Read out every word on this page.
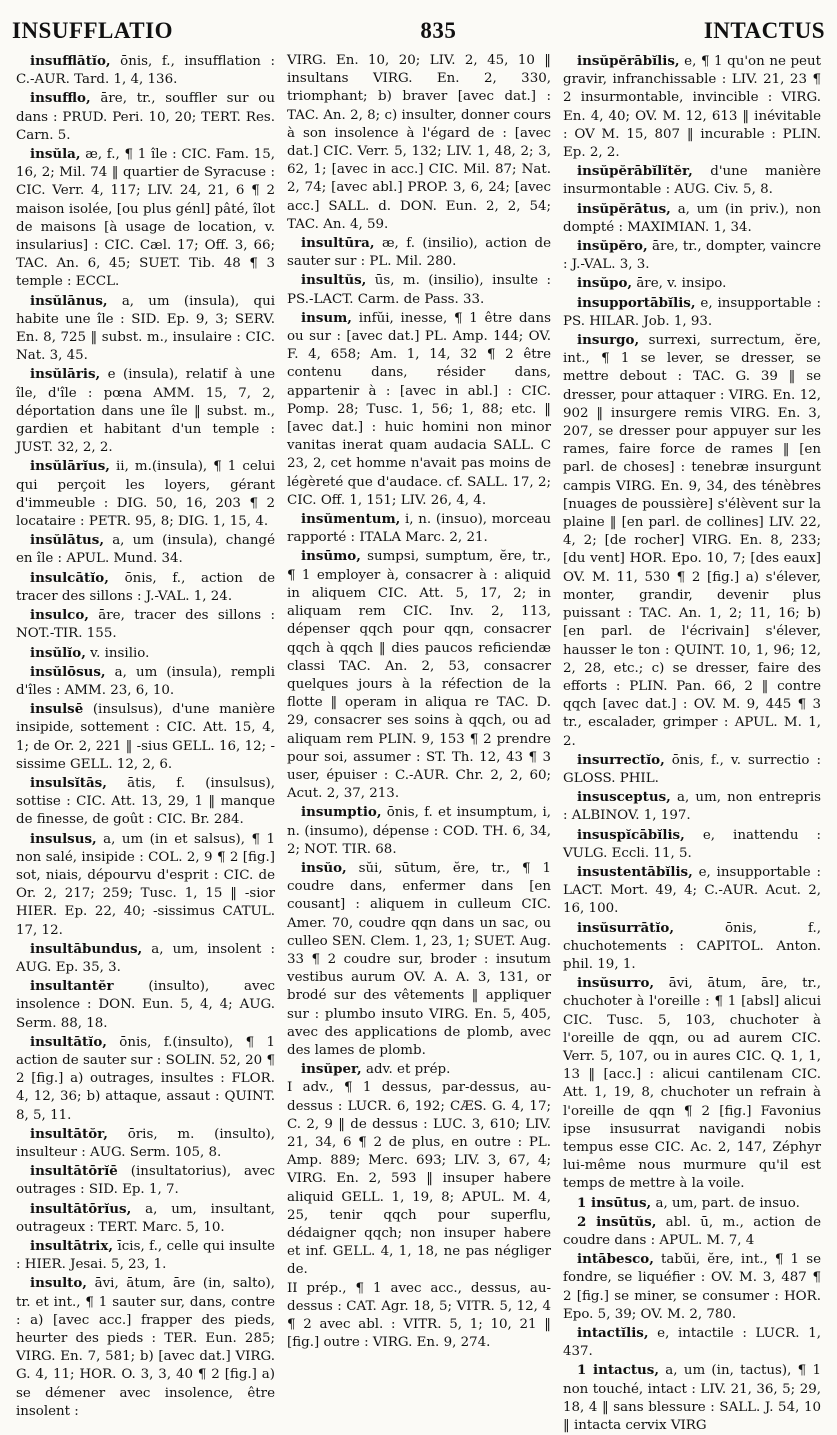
INSUFFLATIO	835	INTACTUS
insufflātĭo, ōnis, f., insufflation : C.-AUR. Tard. 1, 4, 136.
insufflo, āre, tr., souffler sur ou dans : PRUD. Peri. 10, 20; TERT. Res. Carn. 5.
insŭla, æ, f., ¶ 1 île : CIC. Fam. 15, 16, 2; Mil. 74 ‖ quartier de Syracuse : CIC. Verr. 4, 117; LIV. 24, 21, 6 ¶ 2 maison isolée, [ou plus génl] pâté, îlot de maisons [à usage de location, v. insularius] : CIC. Cæl. 17; Off. 3, 66; TAC. An. 6, 45; SUET. Tib. 48 ¶ 3 temple : ECCL.
insŭlānus, a, um (insula), qui habite une île : SID. Ep. 9, 3; SERV. En. 8, 725 ‖ subst. m., insulaire : CIC. Nat. 3, 45.
insŭlāris, e (insula), relatif à une île, d'île : pœna AMM. 15, 7, 2, déportation dans une île ‖ subst. m., gardien et habitant d'un temple : JUST. 32, 2, 2.
insŭlārĭus, ii, m.(insula), ¶ 1 celui qui perçoit les loyers, gérant d'immeuble : DIG. 50, 16, 203 ¶ 2 locataire : PETR. 95, 8; DIG. 1, 15, 4.
insŭlātus, a, um (insula), changé en île : APUL. Mund. 34.
insulcātĭo, ōnis, f., action de tracer des sillons : J.-VAL. 1, 24.
insulco, āre, tracer des sillons : NOT.-TIR. 155.
insŭlĭo, v. insilio.
insŭlōsus, a, um (insula), rempli d'îles : AMM. 23, 6, 10.
insulsē (insulsus), d'une manière insipide, sottement : CIC. Att. 15, 4, 1; de Or. 2, 221 ‖ -sius GELL. 16, 12; -sissime GELL. 12, 2, 6.
insulsĭtās, ātis, f. (insulsus), sottise : CIC. Att. 13, 29, 1 ‖ manque de finesse, de goût : CIC. Br. 284.
insulsus, a, um (in et salsus), ¶ 1 non salé, insipide : COL. 2, 9 ¶ 2 [fig.] sot, niais, dépourvu d'esprit : CIC. de Or. 2, 217; 259; Tusc. 1, 15 ‖ -sior HIER. Ep. 22, 40; -sissimus CATUL. 17, 12.
insultābundus, a, um, insolent : AUG. Ep. 35, 3.
insultantĕr	(insulto), avec insolence : DON. Eun. 5, 4, 4; AUG. Serm. 88, 18.
insultātĭo, ōnis, f.(insulto), ¶ 1 action de sauter sur : SOLIN. 52, 20 ¶ 2 [fig.] a) outrages, insultes : FLOR. 4, 12, 36; b) attaque, assaut : QUINT. 8, 5, 11.
insultātŏr, ōris, m. (insulto), insulteur : AUG. Serm. 105, 8.
insultātōrĭē (insultatorius), avec outrages : SID. Ep. 1, 7.
insultātōrĭus, a, um, insultant, outrageux : TERT. Marc. 5, 10.
insultātrix, īcis, f., celle qui insulte : HIER. Jesai. 5, 23, 1.
insulto, āvi, ātum, āre (in, salto), tr. et int., ¶ 1 sauter sur, dans, contre : a) [avec acc.] frapper des pieds, heurter des pieds : TER. Eun. 285; VIRG. En. 7, 581; b) [avec dat.] VIRG. G. 4, 11; HOR. O. 3, 3, 40 ¶ 2 [fig.] a) se démener avec insolence, être insolent :
VIRG. En. 10, 20; LIV. 2, 45, 10 ‖ insultans VIRG. En. 2, 330, triomphant; b) braver [avec dat.] : TAC. An. 2, 8; c) insulter, donner cours à son insolence à l'égard de : [avec dat.] CIC. Verr. 5, 132; LIV. 1, 48, 2; 3, 62, 1; [avec in acc.] CIC. Mil. 87; Nat. 2, 74; [avec abl.] PROP. 3, 6, 24; [avec acc.] SALL. d. DON. Eun. 2, 2, 54; TAC. An. 4, 59.
insultūra, æ, f. (insilio), action de sauter sur : PL. Mil. 280.
insultŭs, ūs, m. (insilio), insulte : PS.-LACT. Carm. de Pass. 33.
insum, infŭi, inesse, ¶ 1 être dans ou sur : [avec dat.] PL. Amp. 144; OV. F. 4, 658; Am. 1, 14, 32 ¶ 2 être contenu dans, résider dans, appartenir à : [avec in abl.] : CIC. Pomp. 28; Tusc. 1, 56; 1, 88; etc. ‖ [avec dat.] : huic homini non minor vanitas inerat quam audacia SALL. C 23, 2, cet homme n'avait pas moins de légèreté que d'audace. cf. SALL. 17, 2; CIC. Off. 1, 151; LIV. 26, 4, 4.
insŭmentum, i, n. (insuo), morceau rapporté : ITALA Marc. 2, 21.
insūmo, sumpsi, sumptum, ĕre, tr., ¶ 1 employer à, consacrer à : aliquid in aliquem CIC. Att. 5, 17, 2; in aliquam rem CIC. Inv. 2, 113, dépenser qqch pour qqn, consacrer qqch à qqch ‖ dies paucos reficiendæ classi TAC. An. 2, 53, consacrer quelques jours à la réfection de la flotte ‖ operam in aliqua re TAC. D. 29, consacrer ses soins à qqch, ou ad aliquam rem PLIN. 9, 153 ¶ 2 prendre pour soi, assumer : ST. Th. 12, 43 ¶ 3 user, épuiser : C.-AUR. Chr. 2, 2, 60; Acut. 2, 37, 213.
insumptio, ōnis, f. et insumptum, i, n. (insumo), dépense : COD. TH. 6, 34, 2; NOT. TIR. 68.
insŭo, sŭi, sūtum, ĕre, tr., ¶ 1 coudre dans, enfermer dans [en cousant] : aliquem in culleum CIC. Amer. 70, coudre qqn dans un sac, ou culleo SEN. Clem. 1, 23, 1; SUET. Aug. 33 ¶ 2 coudre sur, broder : insutum vestibus aurum OV. A. A. 3, 131, or brodé sur des vêtements ‖ appliquer sur : plumbo insuto VIRG. En. 5, 405, avec des applications de plomb, avec des lames de plomb.
insŭper, adv. et prép.
I adv., ¶ 1 dessus, par-dessus, au-dessus : LUCR. 6, 192; CÆS. G. 4, 17; C. 2, 9 ‖ de dessus : LUC. 3, 610; LIV. 21, 34, 6 ¶ 2 de plus, en outre : PL. Amp. 889; Merc. 693; LIV. 3, 67, 4; VIRG. En. 2, 593 ‖ insuper habere aliquid GELL. 1, 19, 8; APUL. M. 4, 25, tenir qqch pour superflu, dédaigner qqch; non insuper habere et inf. GELL. 4, 1, 18, ne pas négliger de.
II prép., ¶ 1 avec acc., dessus, au-dessus : CAT. Agr. 18, 5; VITR. 5, 12, 4 ¶ 2 avec abl. : VITR. 5, 1; 10, 21 ‖ [fig.] outre : VIRG. En. 9, 274.
insŭpĕrābĭlis, e, ¶ 1 qu'on ne peut gravir, infranchissable : LIV. 21, 23 ¶ 2 insurmontable, invincible : VIRG. En. 4, 40; OV. M. 12, 613 ‖ inévitable : OV M. 15, 807 ‖ incurable : PLIN. Ep. 2, 2.
insŭpĕrābĭlĭtĕr, d'une manière insurmontable : AUG. Civ. 5, 8.
insŭpĕrātus, a, um (in priv.), non dompté : MAXIMIAN. 1, 34.
insŭpĕro, āre, tr., dompter, vaincre : J.-VAL. 3, 3.
insŭpo, āre, v. insipo.
insupportābĭlis, e, insupportable : PS. HILAR. Job. 1, 93.
insurgo, surrexi, surrectum, ĕre, int., ¶ 1 se lever, se dresser, se mettre debout : TAC. G. 39 ‖ se dresser, pour attaquer : VIRG. En. 12, 902 ‖ insurgere remis VIRG. En. 3, 207, se dresser pour appuyer sur les rames, faire force de rames ‖ [en parl. de choses] : tenebræ insurgunt campis VIRG. En. 9, 34, des ténèbres [nuages de poussière] s'élèvent sur la plaine ‖ [en parl. de collines] LIV. 22, 4, 2; [de rocher] VIRG. En. 8, 233; [du vent] HOR. Epo. 10, 7; [des eaux] OV. M. 11, 530 ¶ 2 [fig.] a) s'élever, monter, grandir, devenir plus puissant : TAC. An. 1, 2; 11, 16; b) [en parl. de l'écrivain] s'élever, hausser le ton : QUINT. 10, 1, 96; 12, 2, 28, etc.; c) se dresser, faire des efforts : PLIN. Pan. 66, 2 ‖ contre qqch [avec dat.] : OV. M. 9, 445 ¶ 3 tr., escalader, grimper : APUL. M. 1, 2.
insurrectĭo, ōnis, f., v. surrectio : GLOSS. PHIL.
insusceptus, a, um, non entrepris : ALBINOV. 1, 197.
insuspĭcābĭlis, e, inattendu : VULG. Eccli. 11, 5.
insustentābĭlis, e, insupportable : LACT. Mort. 49, 4; C.-AUR. Acut. 2, 16, 100.
insŭsurrātĭo,	ōnis, f., chuchotements : CAPITOL. Anton. phil. 19, 1.
insŭsurro, āvi, ātum, āre, tr., chuchoter à l'oreille : ¶ 1 [absl] alicui CIC. Tusc. 5, 103, chuchoter à l'oreille de qqn, ou ad aurem CIC. Verr. 5, 107, ou in aures CIC. Q. 1, 1, 13 ‖ [acc.] : alicui cantilenam CIC. Att. 1, 19, 8, chuchoter un refrain à l'oreille de qqn ¶ 2 [fig.] Favonius ipse insusurrat navigandi nobis tempus esse CIC. Ac. 2, 147, Zéphyr lui-même nous murmure qu'il est temps de mettre à la voile.
1 insūtus, a, um, part. de insuo.
2 insūtŭs, abl. ū, m., action de coudre dans : APUL. M. 7, 4
intābesco, tabŭi, ĕre, int., ¶ 1 se fondre, se liquéfier : OV. M. 3, 487 ¶ 2 [fig.] se miner, se consumer : HOR. Epo. 5, 39; OV. M. 2, 780.
intactĭlis, e, intactile : LUCR. 1, 437.
1 intactus, a, um (in, tactus), ¶ 1 non touché, intact : LIV. 21, 36, 5; 29, 18, 4 ‖ sans blessure : SALL. J. 54, 10 ‖ intacta cervix VIRG
